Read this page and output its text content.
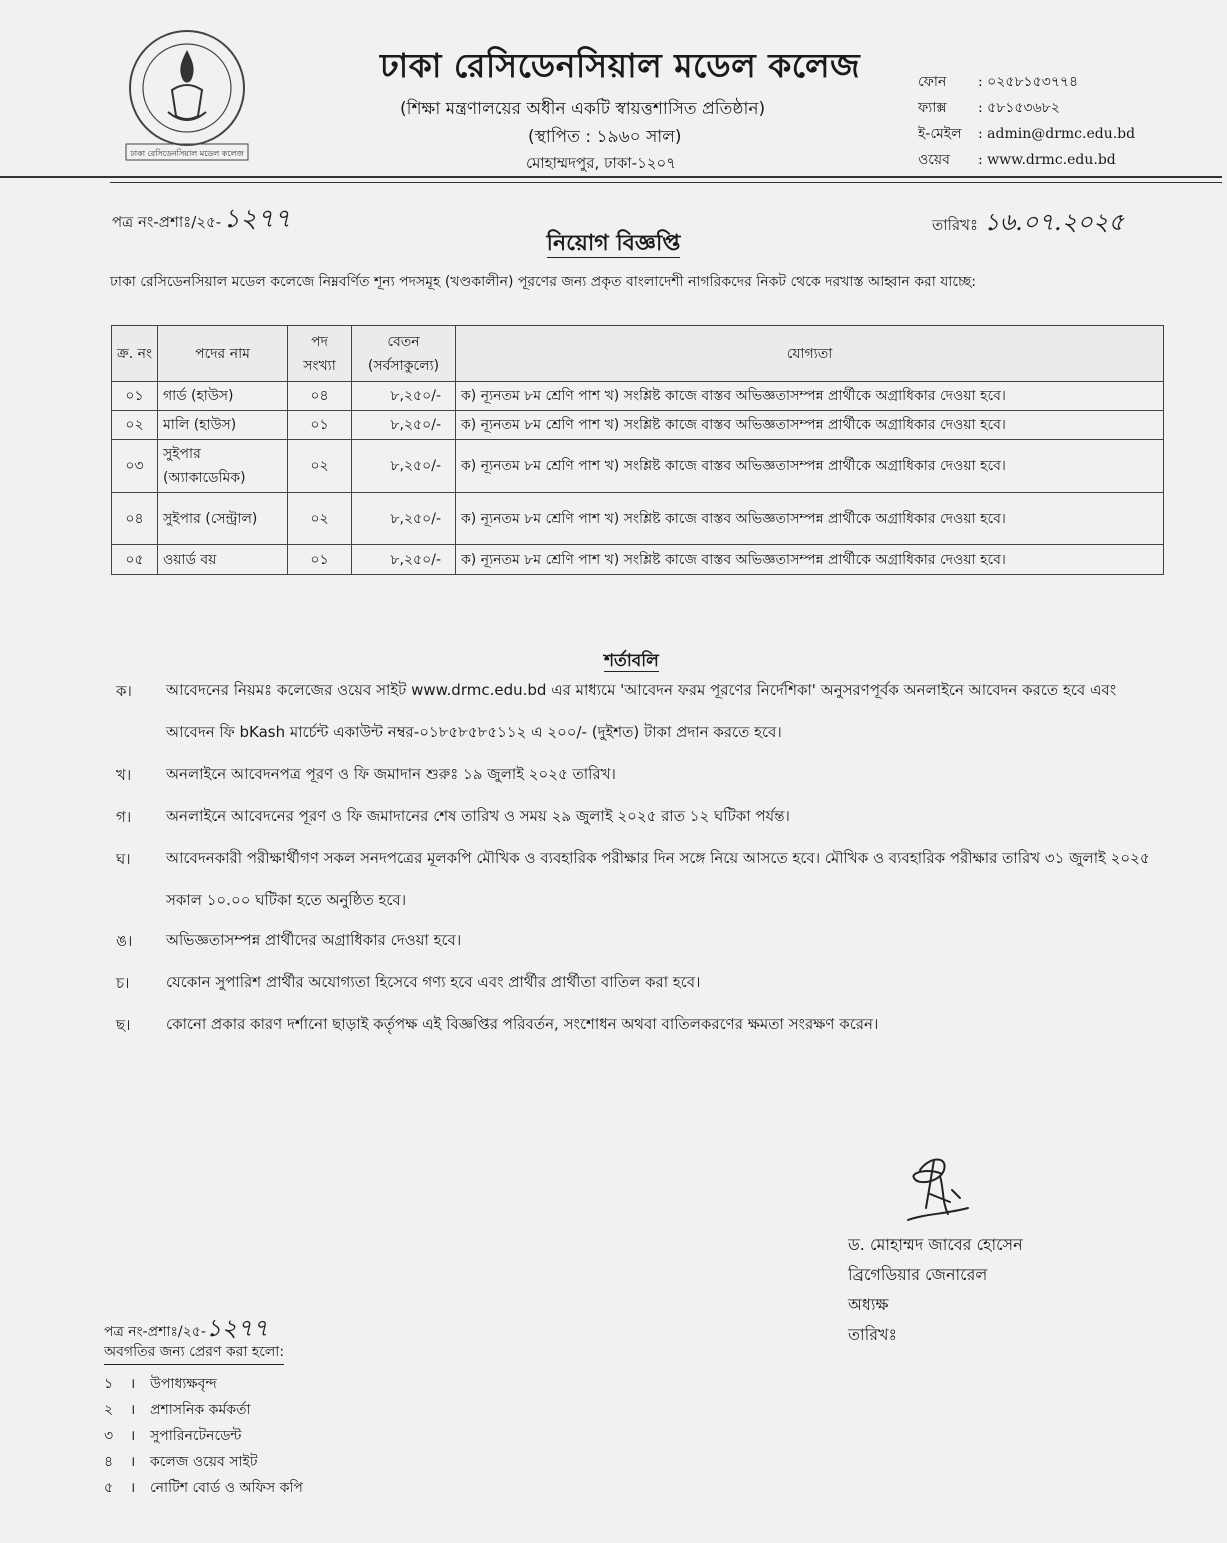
ঢাকা রেসিডেনসিয়াল মডেল কলেজ
ঢাকা রেসিডেনসিয়াল মডেল কলেজ
(শিক্ষা মন্ত্রণালয়ের অধীন একটি স্বায়ত্তশাসিত প্রতিষ্ঠান)
(স্থাপিত : ১৯৬০ সাল)
মোহাম্মদপুর, ঢাকা-১২০৭
ফোন : ০২৫৮১৫৩৭৭৪
ফ্যাক্স : ৫৮১৫৩৬৮২
ই-মেইল : admin@drmc.edu.bd
ওয়েব : www.drmc.edu.bd
পত্র নং-প্রশাঃ/২৫-১২৭৭	তারিখঃ ১৬.০৭.২০২৫
নিয়োগ বিজ্ঞপ্তি
ঢাকা রেসিডেনসিয়াল মডেল কলেজে নিম্নবর্ণিত শূন্য পদসমূহ (খণ্ডকালীন) পূরণের জন্য প্রকৃত বাংলাদেশী নাগরিকদের নিকট থেকে দরখাস্ত আহ্বান করা যাচ্ছে:
ক্র. নং	পদের নাম	পদ সংখ্যা	বেতন (সর্বসাকুল্যে)	যোগ্যতা
০১	গার্ড (হাউস)	০৪	৮,২৫০/-	ক) ন্যূনতম ৮ম শ্রেণি পাশ খ) সংশ্লিষ্ট কাজে বাস্তব অভিজ্ঞতাসম্পন্ন প্রার্থীকে অগ্রাধিকার দেওয়া হবে।
০২	মালি (হাউস)	০১	৮,২৫০/-	ক) ন্যূনতম ৮ম শ্রেণি পাশ খ) সংশ্লিষ্ট কাজে বাস্তব অভিজ্ঞতাসম্পন্ন প্রার্থীকে অগ্রাধিকার দেওয়া হবে।
০৩	সুইপার (অ্যাকাডেমিক)	০২	৮,২৫০/-	ক) ন্যূনতম ৮ম শ্রেণি পাশ খ) সংশ্লিষ্ট কাজে বাস্তব অভিজ্ঞতাসম্পন্ন প্রার্থীকে অগ্রাধিকার দেওয়া হবে।
০৪	সুইপার (সেন্ট্রাল)	০২	৮,২৫০/-	ক) ন্যূনতম ৮ম শ্রেণি পাশ খ) সংশ্লিষ্ট কাজে বাস্তব অভিজ্ঞতাসম্পন্ন প্রার্থীকে অগ্রাধিকার দেওয়া হবে।
০৫	ওয়ার্ড বয়	০১	৮,২৫০/-	ক) ন্যূনতম ৮ম শ্রেণি পাশ খ) সংশ্লিষ্ট কাজে বাস্তব অভিজ্ঞতাসম্পন্ন প্রার্থীকে অগ্রাধিকার দেওয়া হবে।
শর্তাবলি
ক। আবেদনের নিয়মঃ কলেজের ওয়েব সাইট www.drmc.edu.bd এর মাধ্যমে 'আবেদন ফরম পূরণের নির্দেশিকা' অনুসরণপূর্বক অনলাইনে আবেদন করতে হবে এবং আবেদন ফি bKash মার্চেন্ট একাউন্ট নম্বর-০১৮৫৮৫৮৫১১২ এ ২০০/- (দুইশত) টাকা প্রদান করতে হবে।
খ। অনলাইনে আবেদনপত্র পূরণ ও ফি জমাদান শুরুঃ ১৯ জুলাই ২০২৫ তারিখ।
গ। অনলাইনে আবেদনের পূরণ ও ফি জমাদানের শেষ তারিখ ও সময় ২৯ জুলাই ২০২৫ রাত ১২ ঘটিকা পর্যন্ত।
ঘ। আবেদনকারী পরীক্ষার্থীগণ সকল সনদপত্রের মূলকপি মৌখিক ও ব্যবহারিক পরীক্ষার দিন সঙ্গে নিয়ে আসতে হবে। মৌখিক ও ব্যবহারিক পরীক্ষার তারিখ ৩১ জুলাই ২০২৫ সকাল ১০.০০ ঘটিকা হতে অনুষ্ঠিত হবে।
ঙ। অভিজ্ঞতাসম্পন্ন প্রার্থীদের অগ্রাধিকার দেওয়া হবে।
চ। যেকোন সুপারিশ প্রার্থীর অযোগ্যতা হিসেবে গণ্য হবে এবং প্রার্থীর প্রার্থীতা বাতিল করা হবে।
ছ। কোনো প্রকার কারণ দর্শানো ছাড়াই কর্তৃপক্ষ এই বিজ্ঞপ্তির পরিবর্তন, সংশোধন অথবা বাতিলকরণের ক্ষমতা সংরক্ষণ করেন।
ড. মোহাম্মদ জাবের হোসেন
ব্রিগেডিয়ার জেনারেল
অধ্যক্ষ
তারিখঃ
পত্র নং-প্রশাঃ/২৫-১২৭৭
অবগতির জন্য প্রেরণ করা হলো:
১ । উপাধ্যক্ষবৃন্দ
২ । প্রশাসনিক কর্মকর্তা
৩ । সুপারিনটেনডেন্ট
৪ । কলেজ ওয়েব সাইট
৫ । নোটিশ বোর্ড ও অফিস কপি
